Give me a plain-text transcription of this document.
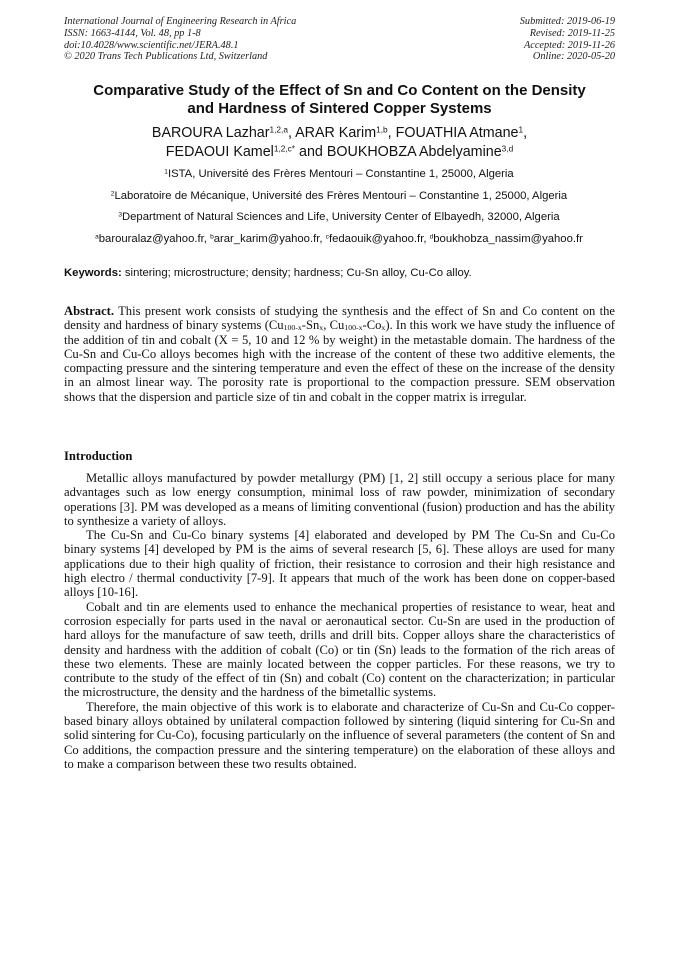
International Journal of Engineering Research in Africa
ISSN: 1663-4144, Vol. 48, pp 1-8
doi:10.4028/www.scientific.net/JERA.48.1
© 2020 Trans Tech Publications Ltd, Switzerland
Submitted: 2019-06-19
Revised: 2019-11-25
Accepted: 2019-11-26
Online: 2020-05-20
Comparative Study of the Effect of Sn and Co Content on the Density
and Hardness of Sintered Copper Systems
BAROURA Lazhar$^{1,2,a}$, ARAR Karim$^{1,b}$, FOUATHIA Atmane$^1$,
FEDAOUI Kamel$^{1,2,c*}$ and BOUKHOBZA Abdelyamine$^{3,d}$
$^1$ISTA, Université des Frères Mentouri – Constantine 1, 25000, Algeria
$^2$Laboratoire de Mécanique, Université des Frères Mentouri – Constantine 1, 25000, Algeria
$^3$Department of Natural Sciences and Life, University Center of Elbayedh, 32000, Algeria
$^a$barouralaz@yahoo.fr, $^b$arar_karim@yahoo.fr, $^c$fedaouik@yahoo.fr, $^d$boukhobza_nassim@yahoo.fr
Keywords: sintering; microstructure; density; hardness; Cu-Sn alloy, Cu-Co alloy.
Abstract. This present work consists of studying the synthesis and the effect of Sn and Co content on the density and hardness of binary systems ($Cu_{100-x}-Sn_x$, $Cu_{100-x}-Co_x$). In this work we have study the influence of the addition of tin and cobalt (X = 5, 10 and 12 % by weight) in the metastable domain. The hardness of the Cu-Sn and Cu-Co alloys becomes high with the increase of the content of these two additive elements, the compacting pressure and the sintering temperature and even the effect of these on the increase of the density in an almost linear way. The porosity rate is proportional to the compaction pressure. SEM observation shows that the dispersion and particle size of tin and cobalt in the copper matrix is irregular.
Introduction

Metallic alloys manufactured by powder metallurgy (PM) [1, 2] still occupy a serious place for many advantages such as low energy consumption, minimal loss of raw powder, minimization of secondary operations [3]. PM was developed as a means of limiting conventional (fusion) production and has the ability to synthesize a variety of alloys.

The Cu-Sn and Cu-Co binary systems [4] elaborated and developed by PM The Cu-Sn and Cu-Co binary systems [4] developed by PM is the aims of several research [5, 6]. These alloys are used for many applications due to their high quality of friction, their resistance to corrosion and their high resistance and high electro / thermal conductivity [7-9]. It appears that much of the work has been done on copper-based alloys [10-16].

Cobalt and tin are elements used to enhance the mechanical properties of resistance to wear, heat and corrosion especially for parts used in the naval or aeronautical sector. Cu-Sn are used in the production of hard alloys for the manufacture of saw teeth, drills and drill bits. Copper alloys share the characteristics of density and hardness with the addition of cobalt (Co) or tin (Sn) leads to the formation of the rich areas of these two elements. These are mainly located between the copper particles. For these reasons, we try to contribute to the study of the effect of tin (Sn) and cobalt (Co) content on the characterization; in particular the microstructure, the density and the hardness of the bimetallic systems.

Therefore, the main objective of this work is to elaborate and characterize of Cu-Sn and Cu-Co copper-based binary alloys obtained by unilateral compaction followed by sintering (liquid sintering for Cu-Sn and solid sintering for Cu-Co), focusing particularly on the influence of several parameters (the content of Sn and Co additions, the compaction pressure and the sintering temperature) on the elaboration of these alloys and to make a comparison between these two results obtained.
